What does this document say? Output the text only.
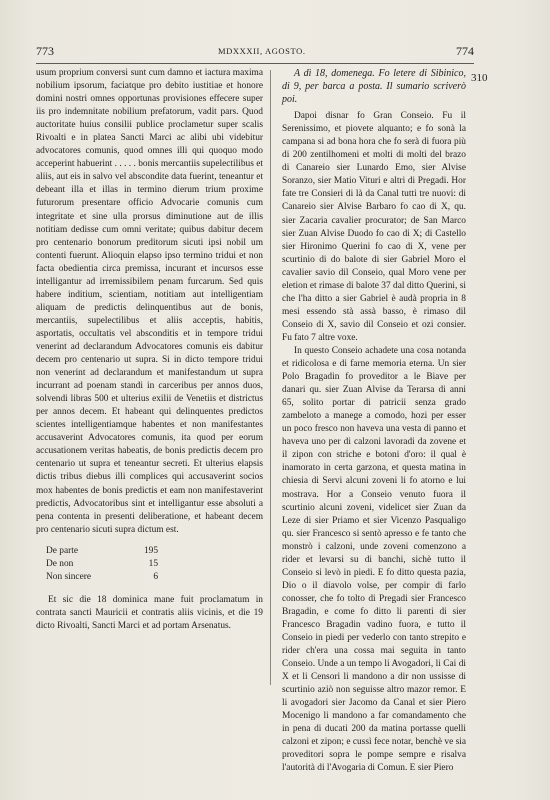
773	MDXXXII, AGOSTO.	774
310

usum proprium conversi sunt cum damno et iactura maxima nobilium ipsorum, faciatque pro debito iustitiae et honore domini nostri omnes opportunas provisiones effecere super iis pro indemnitate nobilium prefatorum, vadit pars. Quod auctoritate huius consilii publice proclametur super scalis Rivoalti e in platea Sancti Marci ac alibi ubi videbitur advocatores comunis, quod omnes illi qui quoquo modo acceperint habuerint . . . . . bonis mercantiis supelectilibus et aliis, aut eis in salvo vel abscondite data fuerint, teneantur et debeant illa et illas in termino dierum trium proxime futurorum presentare officio Advocarie comunis cum integritate et sine ulla prorsus diminutione aut de illis notitiam dedisse cum omni veritate; quibus dabitur decem pro centenario bonorum preditorum sicuti ipsi nobil um contenti fuerunt. Alioquin elapso ipso termino tridui et non facta obedientia circa premissa, incurant et incursos esse intelligantur ad irremissibilem penam furcarum. Sed quis habere inditium, scientiam, notitiam aut intelligentiam aliquam de predictis delinquentibus aut de bonis, mercantiis, supelectilibus et aliis acceptis, habitis, asportatis, occultatis vel absconditis et in tempore tridui venerint ad declarandum Advocatores comunis eis dabitur decem pro centenario ut supra. Si in dicto tempore tridui non venerint ad declarandum et manifestandum ut supra incurrant ad poenam standi in carceribus per annos duos, solvendi libras 500 et ulterius exilii de Venetiis et districtus per annos decem. Et habeant qui delinquentes predictos scientes intelligentiamque habentes et non manifestantes accusaverint Advocatores comunis, ita quod per eorum accusationem veritas habeatis, de bonis predictis decem pro centenario ut supra et teneantur secreti. Et ulterius elapsis dictis tribus diebus illi complices qui accusaverint socios mox habentes de bonis predictis et eam non manifestaverint predictis, Advocatoribus sint et intelligantur esse absoluti a pena contenta in presenti deliberatione, et habeant decem pro centenario sicuti supra dictum est.

De parte	195
De non	15
Non sincere	6

Et sic die 18 dominica mane fuit proclamatum in contrata sancti Mauricii et contratis aliis vicinis, et die 19 dicto Rivoalti, Sancti Marci et ad portam Arsenatus.

A dì 18, domenega. Fo letere di Sibinico, di 9, per barca a posta. Il sumario scriverò poi.

Dapoi disnar fo Gran Conseio. Fu il Serenissimo, et piovete alquanto; e fo sonà la campana si ad bona hora che fo serà di fuora più di 200 zentilhomeni et molti di molti del brazo di Canareio sier Lunardo Emo, sier Alvise Soranzo, sier Matio Vituri e altri di Pregadi. Hor fate tre Consieri di là da Canal tutti tre nuovi: di Canareio sier Alvise Barbaro fo cao di X, qu. sier Zacaria cavalier procurator; de San Marco sier Zuan Alvise Duodo fo cao di X; di Castello sier Hironimo Querini fo cao di X, vene per scurtinio di do balote di sier Gabriel Moro el cavalier savio dil Conseio, qual Moro vene per eletion et rimase di balote 37 dal ditto Querini, si che l'ha ditto a sier Gabriel è audà propria in 8 mesi essendo stà assà basso, è rimaso dil Conseio di X, savio dil Conseio et ozi consier. Fu fato 7 altre voxe.

In questo Conseio achadete una cosa notanda et ridicolosa e di farne memoria eterna. Un sier Polo Bragadin fo proveditor a le Biave per danari qu. sier Zuan Alvise da Terarsa di anni 65, solito portar di patricii senza grado zambeloto a manege a comodo, hozi per esser un poco fresco non haveva una vesta di panno et haveva uno per di calzoni lavoradi da zovene et il zipon con striche e botoni d'oro: il qual è inamorato in certa garzona, et questa matina in chiesia di Servi alcuni zoveni li fo atorno e lui mostrava. Hor a Conseio venuto fuora il scurtinio alcuni zoveni, videlicet sier Zuan da Leze di sier Priamo et sier Vicenzo Pasqualigo qu. sier Francesco si sentò apresso e fe tanto che monstrò i calzoni, unde zoveni comenzono a rider et levarsi su di banchi, sichè tutto il Conseio si levò in piedi. E fo ditto questa pazia, Dio o il diavolo volse, per compir di farlo conosser, che fo tolto di Pregadi sier Francesco Bragadin, e come fo ditto li parenti di sier Francesco Bragadin vadino fuora, e tutto il Conseio in piedi per vederlo con tanto strepito e rider ch'era una cossa mai seguita in tanto Conseio. Unde a un tempo li Avogadori, li Cai di X et li Censori li mandono a dir non ussisse di scurtinio aziò non seguisse altro mazor remor. E li avogadori sier Jacomo da Canal et sier Piero Mocenigo li mandono a far comandamento che in pena di ducati 200 da matina portasse quelli calzoni et zipon; e cussì fece notar, benchè ve sia proveditori sopra le pompe sempre e risalva l'autorità di l'Avogaria di Comun. E sier Piero
